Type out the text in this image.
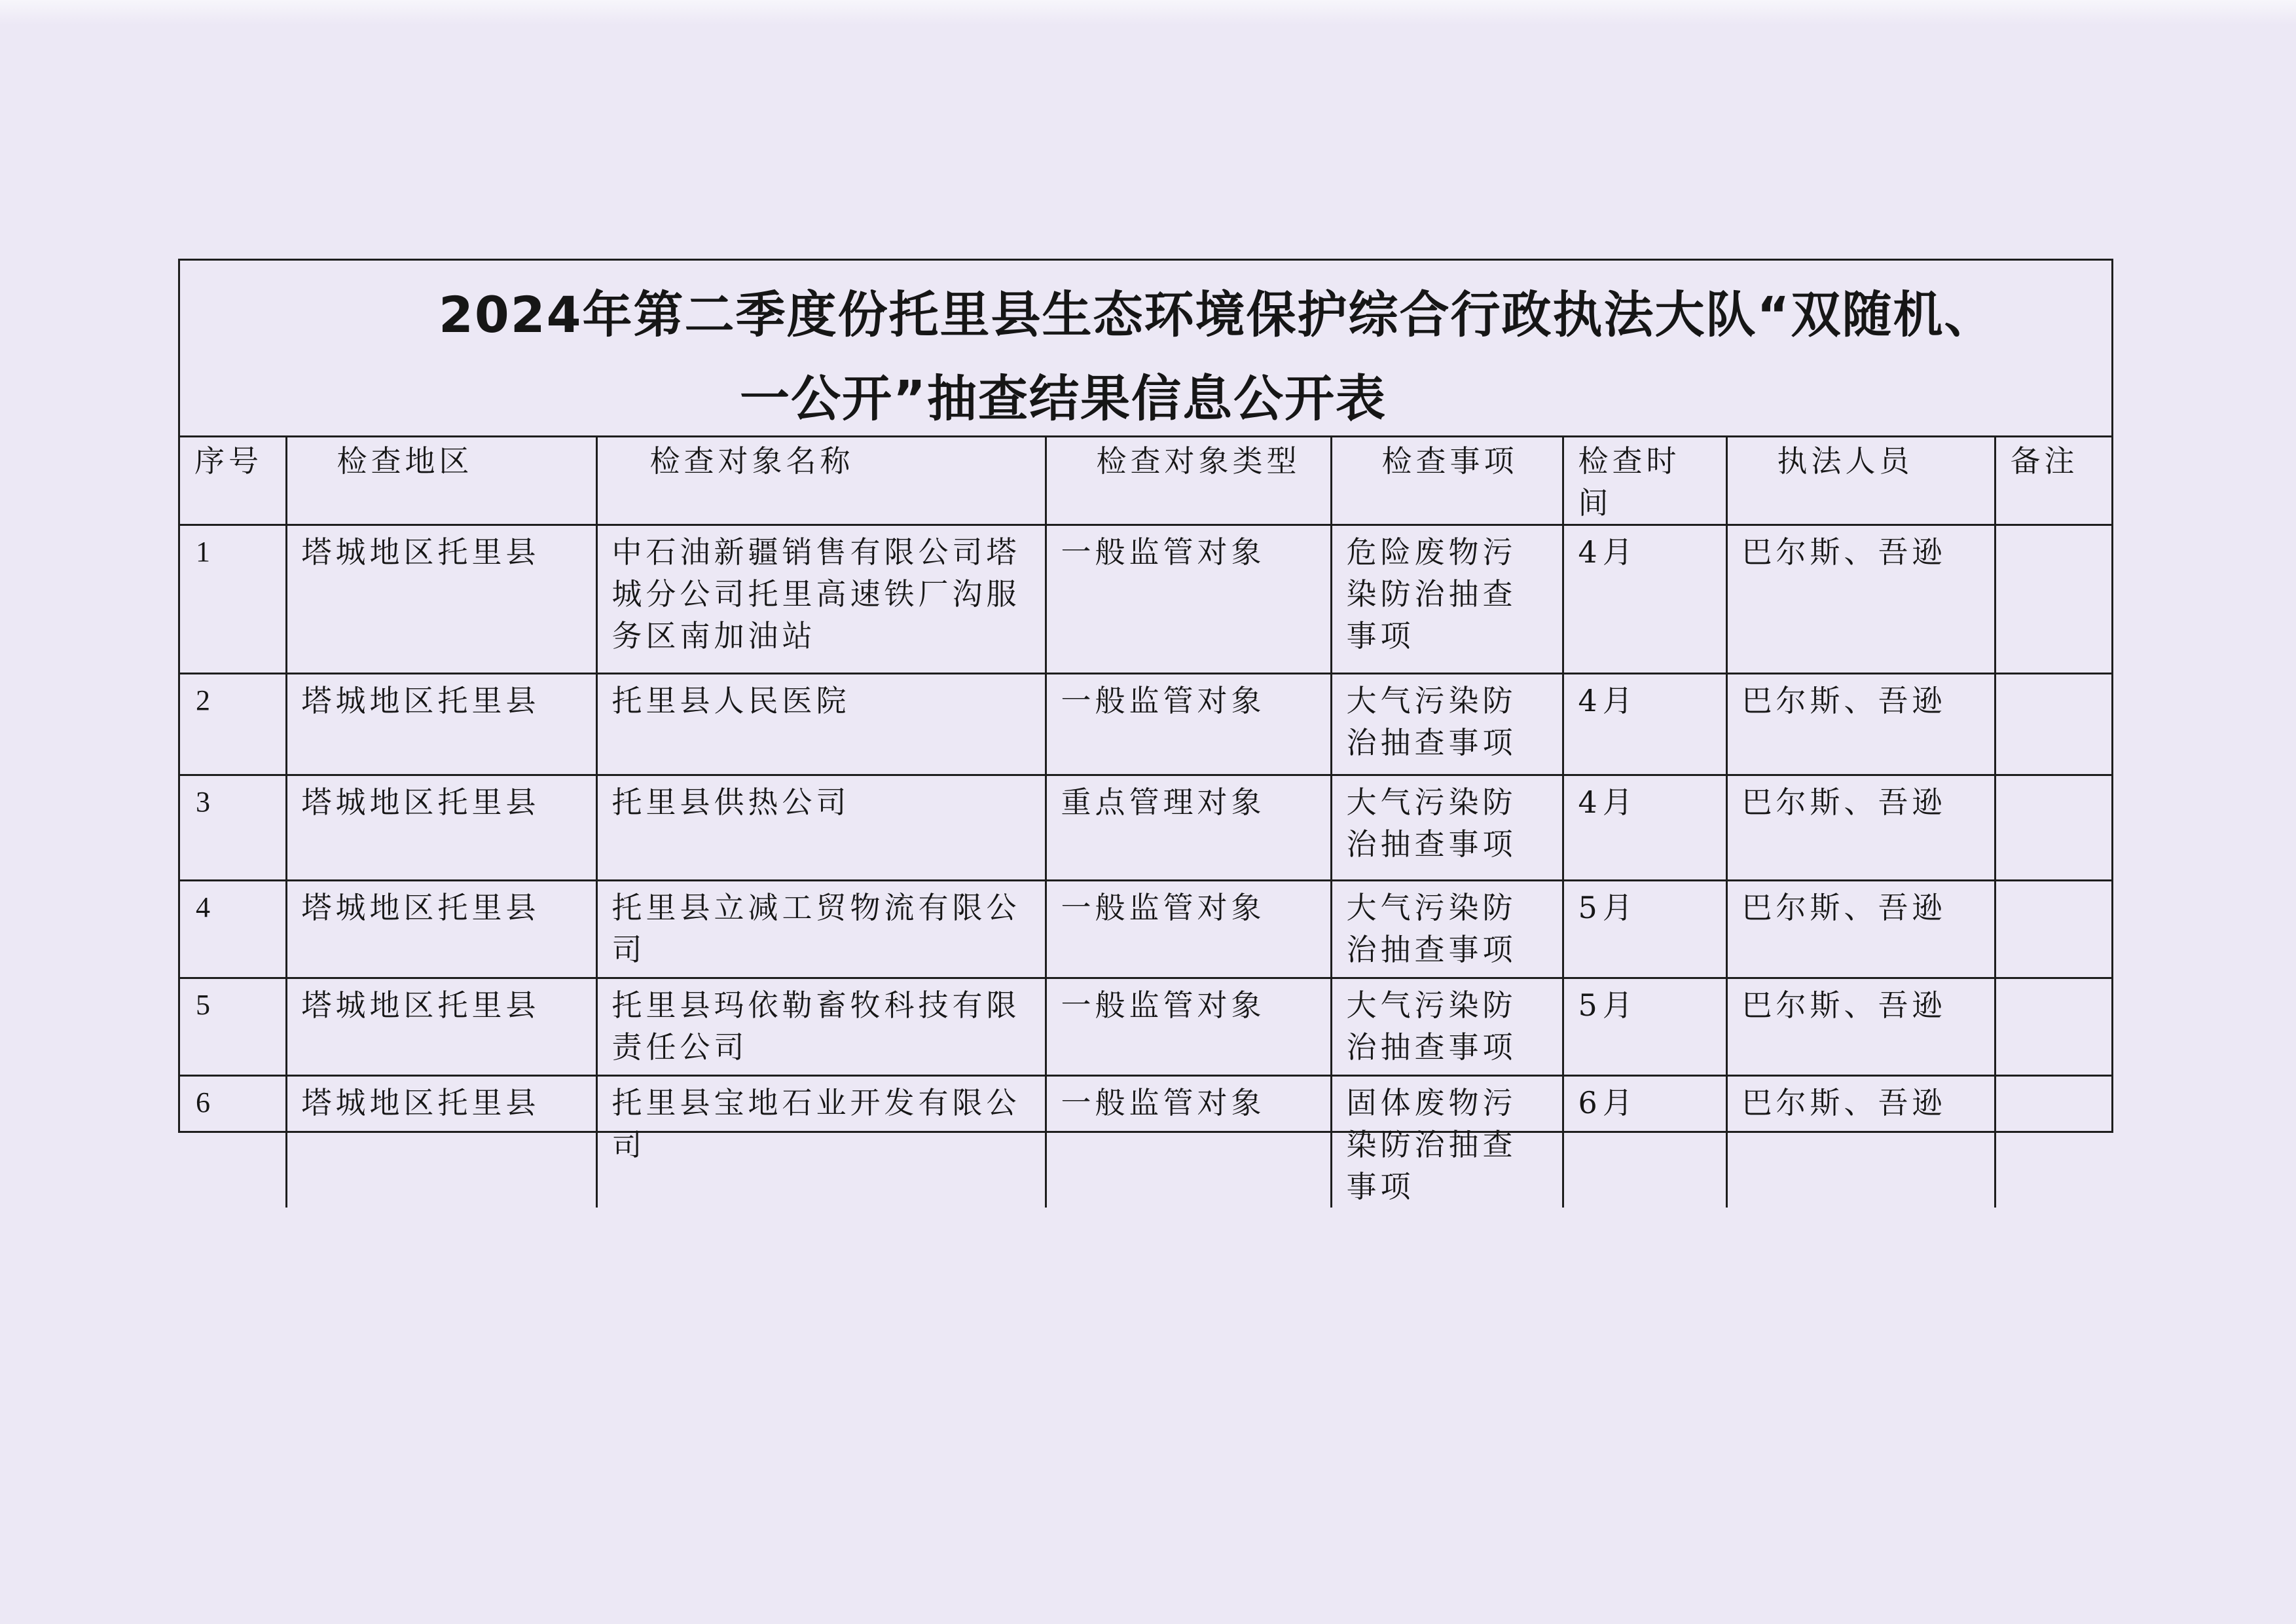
2024年第二季度份托里县生态环境保护综合行政执法大队“双随机、
一公开”抽查结果信息公开表
序号	检查地区	检查对象名称	检查对象类型	检查事项	检查时间	执法人员	备注
1	塔城地区托里县	中石油新疆销售有限公司塔城分公司托里高速铁厂沟服务区南加油站	一般监管对象	危险废物污染防治抽查事项	4月	巴尔斯、吾逊	
2	塔城地区托里县	托里县人民医院	一般监管对象	大气污染防治抽查事项	4月	巴尔斯、吾逊	
3	塔城地区托里县	托里县供热公司	重点管理对象	大气污染防治抽查事项	4月	巴尔斯、吾逊	
4	塔城地区托里县	托里县立减工贸物流有限公司	一般监管对象	大气污染防治抽查事项	5月	巴尔斯、吾逊	
5	塔城地区托里县	托里县玛依勒畜牧科技有限责任公司	一般监管对象	大气污染防治抽查事项	5月	巴尔斯、吾逊	
6	塔城地区托里县	托里县宝地石业开发有限公司	一般监管对象	固体废物污染防治抽查事项	6月	巴尔斯、吾逊	
